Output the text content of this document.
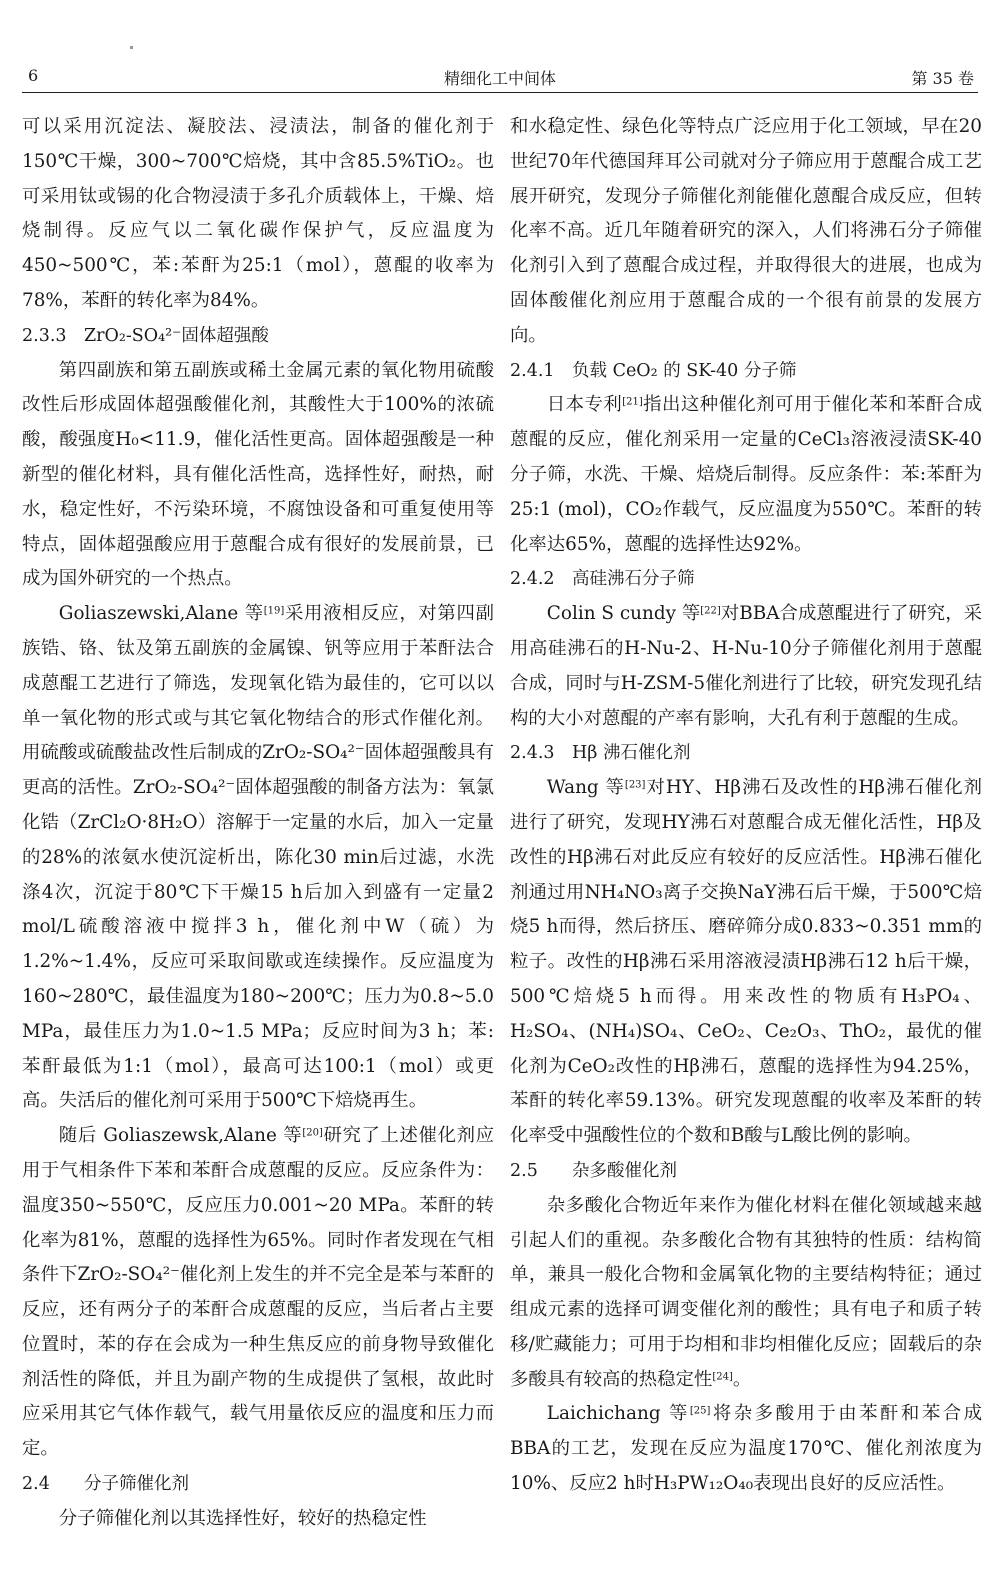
6	精细化工中间体	第 35 卷

可以采用沉淀法、凝胶法、浸渍法，制备的催化剂于150℃干燥，300~700℃焙烧，其中含85.5%TiO₂。也可采用钛或锡的化合物浸渍于多孔介质载体上，干燥、焙烧制得。反应气以二氧化碳作保护气，反应温度为450~500℃，苯:苯酐为25:1（mol），蒽醌的收率为78%，苯酐的转化率为84%。

2.3.3 ZrO₂-SO₄²⁻固体超强酸

第四副族和第五副族或稀土金属元素的氧化物用硫酸改性后形成固体超强酸催化剂，其酸性大于100%的浓硫酸，酸强度H₀<11.9，催化活性更高。固体超强酸是一种新型的催化材料，具有催化活性高，选择性好，耐热，耐水，稳定性好，不污染环境，不腐蚀设备和可重复使用等特点，固体超强酸应用于蒽醌合成有很好的发展前景，已成为国外研究的一个热点。

Goliaszewski,Alane 等[19]采用液相反应，对第四副族锆、铬、钛及第五副族的金属镍、钒等应用于苯酐法合成蒽醌工艺进行了筛选，发现氧化锆为最佳的，它可以以单一氧化物的形式或与其它氧化物结合的形式作催化剂。用硫酸或硫酸盐改性后制成的ZrO₂-SO₄²⁻固体超强酸具有更高的活性。ZrO₂-SO₄²⁻固体超强酸的制备方法为：氧氯化锆（ZrCl₂O·8H₂O）溶解于一定量的水后，加入一定量的28%的浓氨水使沉淀析出，陈化30 min后过滤，水洗涤4次，沉淀于80℃下干燥15 h后加入到盛有一定量2 mol/L硫酸溶液中搅拌3 h，催化剂中W（硫）为1.2%~1.4%，反应可采取间歇或连续操作。反应温度为160~280℃，最佳温度为180~200℃；压力为0.8~5.0 MPa，最佳压力为1.0~1.5 MPa；反应时间为3 h；苯:苯酐最低为1:1（mol），最高可达100:1（mol）或更高。失活后的催化剂可采用于500℃下焙烧再生。

随后 Goliaszewsk,Alane 等[20]研究了上述催化剂应用于气相条件下苯和苯酐合成蒽醌的反应。反应条件为：温度350~550℃，反应压力0.001~20 MPa。苯酐的转化率为81%，蒽醌的选择性为65%。同时作者发现在气相条件下ZrO₂-SO₄²⁻催化剂上发生的并不完全是苯与苯酐的反应，还有两分子的苯酐合成蒽醌的反应，当后者占主要位置时，苯的存在会成为一种生焦反应的前身物导致催化剂活性的降低，并且为副产物的生成提供了氢根，故此时应采用其它气体作载气，载气用量依反应的温度和压力而定。

2.4 分子筛催化剂

分子筛催化剂以其选择性好，较好的热稳定性

和水稳定性、绿色化等特点广泛应用于化工领域，早在20世纪70年代德国拜耳公司就对分子筛应用于蒽醌合成工艺展开研究，发现分子筛催化剂能催化蒽醌合成反应，但转化率不高。近几年随着研究的深入，人们将沸石分子筛催化剂引入到了蒽醌合成过程，并取得很大的进展，也成为固体酸催化剂应用于蒽醌合成的一个很有前景的发展方向。

2.4.1 负载 CeO₂ 的 SK-40 分子筛

日本专利[21]指出这种催化剂可用于催化苯和苯酐合成蒽醌的反应，催化剂采用一定量的CeCl₃溶液浸渍SK-40分子筛，水洗、干燥、焙烧后制得。反应条件：苯:苯酐为25:1 (mol)，CO₂作载气，反应温度为550℃。苯酐的转化率达65%，蒽醌的选择性达92%。

2.4.2 高硅沸石分子筛

Colin S cundy 等[22]对BBA合成蒽醌进行了研究，采用高硅沸石的H-Nu-2、H-Nu-10分子筛催化剂用于蒽醌合成，同时与H-ZSM-5催化剂进行了比较，研究发现孔结构的大小对蒽醌的产率有影响，大孔有利于蒽醌的生成。

2.4.3 Hβ 沸石催化剂

Wang 等[23]对HY、Hβ沸石及改性的Hβ沸石催化剂进行了研究，发现HY沸石对蒽醌合成无催化活性，Hβ及改性的Hβ沸石对此反应有较好的反应活性。Hβ沸石催化剂通过用NH₄NO₃离子交换NaY沸石后干燥，于500℃焙烧5 h而得，然后挤压、磨碎筛分成0.833~0.351 mm的粒子。改性的Hβ沸石采用溶液浸渍Hβ沸石12 h后干燥，500℃焙烧5 h而得。用来改性的物质有H₃PO₄、H₂SO₄、(NH₄)SO₄、CeO₂、Ce₂O₃、ThO₂，最优的催化剂为CeO₂改性的Hβ沸石，蒽醌的选择性为94.25%，苯酐的转化率59.13%。研究发现蒽醌的收率及苯酐的转化率受中强酸性位的个数和B酸与L酸比例的影响。

2.5 杂多酸催化剂

杂多酸化合物近年来作为催化材料在催化领域越来越引起人们的重视。杂多酸化合物有其独特的性质：结构简单，兼具一般化合物和金属氧化物的主要结构特征；通过组成元素的选择可调变催化剂的酸性；具有电子和质子转移/贮藏能力；可用于均相和非均相催化反应；固载后的杂多酸具有较高的热稳定性[24]。

Laichichang 等[25]将杂多酸用于由苯酐和苯合成BBA的工艺，发现在反应为温度170℃、催化剂浓度为10%、反应2 h时H₃PW₁₂O₄₀表现出良好的反应活性。
